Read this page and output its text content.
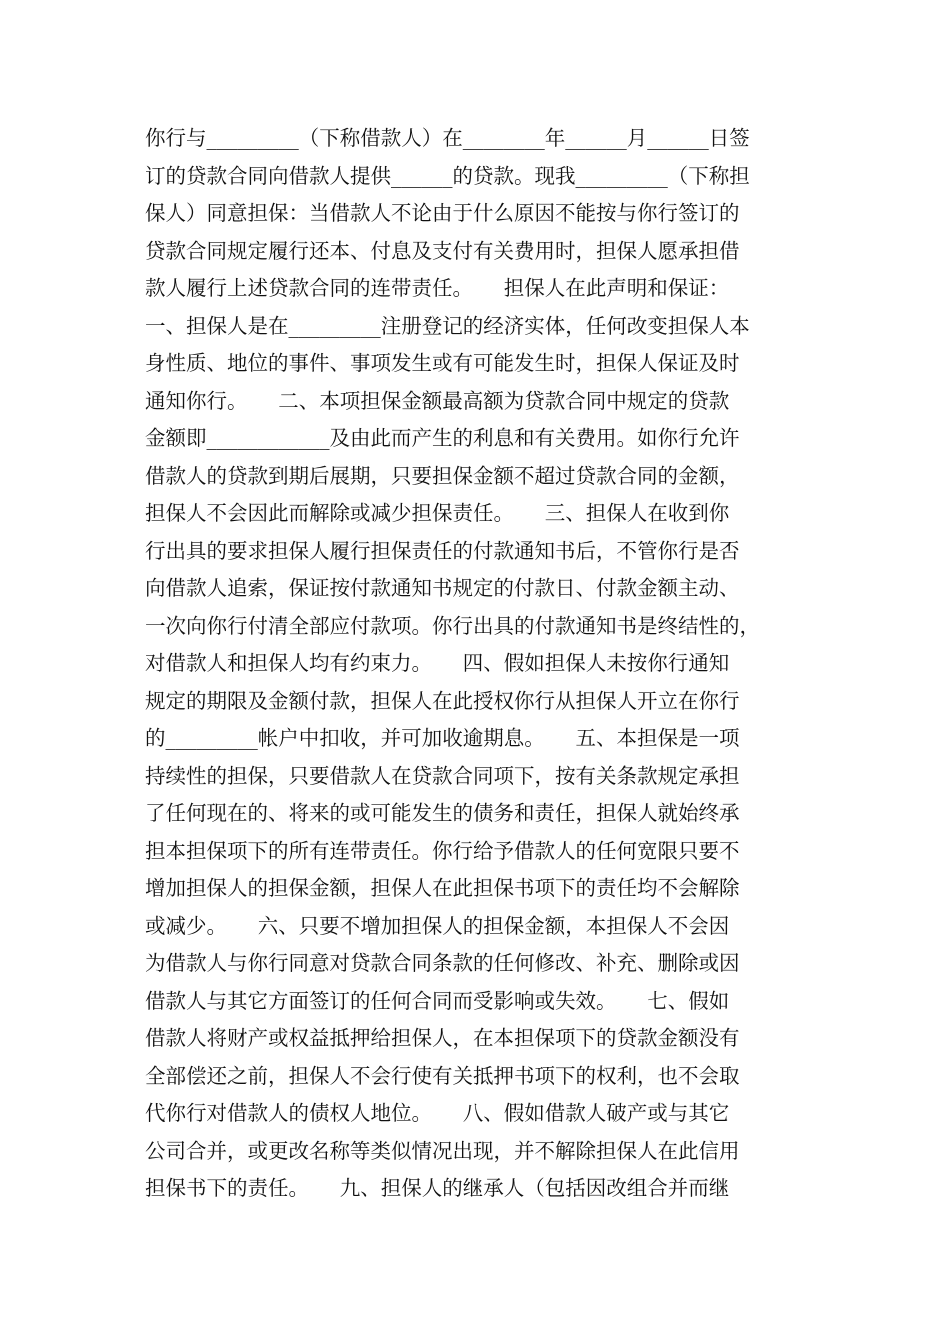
你行与_________（下称借款人）在________年______月______日签
订的贷款合同向借款人提供______的贷款。现我_________（下称担
保人）同意担保：当借款人不论由于什么原因不能按与你行签订的
贷款合同规定履行还本、付息及支付有关费用时，担保人愿承担借
款人履行上述贷款合同的连带责任。　　担保人在此声明和保证：
一、担保人是在_________注册登记的经济实体，任何改变担保人本
身性质、地位的事件、事项发生或有可能发生时，担保人保证及时
通知你行。　　二、本项担保金额最高额为贷款合同中规定的贷款
金额即____________及由此而产生的利息和有关费用。如你行允许
借款人的贷款到期后展期，只要担保金额不超过贷款合同的金额，
担保人不会因此而解除或减少担保责任。　　三、担保人在收到你
行出具的要求担保人履行担保责任的付款通知书后，不管你行是否
向借款人追索，保证按付款通知书规定的付款日、付款金额主动、
一次向你行付清全部应付款项。你行出具的付款通知书是终结性的，
对借款人和担保人均有约束力。　　四、假如担保人未按你行通知
规定的期限及金额付款，担保人在此授权你行从担保人开立在你行
的_________帐户中扣收，并可加收逾期息。　　五、本担保是一项
持续性的担保，只要借款人在贷款合同项下，按有关条款规定承担
了任何现在的、将来的或可能发生的债务和责任，担保人就始终承
担本担保项下的所有连带责任。你行给予借款人的任何宽限只要不
增加担保人的担保金额，担保人在此担保书项下的责任均不会解除
或减少。　　六、只要不增加担保人的担保金额，本担保人不会因
为借款人与你行同意对贷款合同条款的任何修改、补充、删除或因
借款人与其它方面签订的任何合同而受影响或失效。　　七、假如
借款人将财产或权益抵押给担保人，在本担保项下的贷款金额没有
全部偿还之前，担保人不会行使有关抵押书项下的权利，也不会取
代你行对借款人的债权人地位。　　八、假如借款人破产或与其它
公司合并，或更改名称等类似情况出现，并不解除担保人在此信用
担保书下的责任。　　九、担保人的继承人（包括因改组合并而继
